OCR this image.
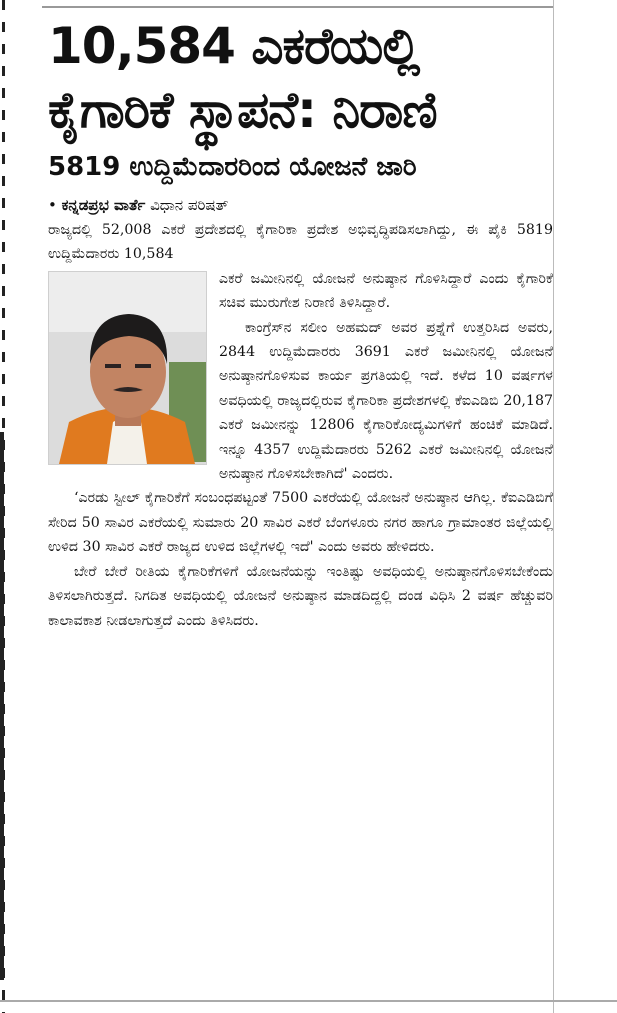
10,584 ಎಕರೆಯಲ್ಲಿ
ಕೈಗಾರಿಕೆ ಸ್ಥಾಪನೆ: ನಿರಾಣಿ
5819 ಉದ್ದಿಮೆದಾರರಿಂದ ಯೋಜನೆ ಜಾರಿ
• ಕನ್ನಡಪ್ರಭ ವಾರ್ತೆ ವಿಧಾನ ಪರಿಷತ್

ರಾಜ್ಯದಲ್ಲಿ 52,008 ಎಕರೆ ಪ್ರದೇಶದಲ್ಲಿ ಕೈಗಾರಿಕಾ ಪ್ರದೇಶ ಅಭಿವೃದ್ಧಿಪಡಿಸಲಾಗಿದ್ದು, ಈ ಪೈಕಿ 5819 ಉದ್ದಿಮೆದಾರರು 10,584

ಎಕರೆ ಜಮೀನಿನಲ್ಲಿ ಯೋಜನೆ ಅನುಷ್ಠಾನ ಗೊಳಿಸಿದ್ದಾರೆ ಎಂದು ಕೈಗಾರಿಕೆ ಸಚಿವ ಮುರುಗೇಶ ನಿರಾಣಿ ತಿಳಿಸಿದ್ದಾರೆ.

ಕಾಂಗ್ರೆಸ್‌ನ ಸಲೀಂ ಅಹಮದ್ ಅವರ ಪ್ರಶ್ನೆಗೆ ಉತ್ತರಿಸಿದ ಅವರು, 2844 ಉದ್ದಿಮೆದಾರರು 3691 ಎಕರೆ ಜಮೀನಿನಲ್ಲಿ ಯೋಜನೆ ಅನುಷ್ಠಾನಗೊಳಿಸುವ ಕಾರ್ಯ ಪ್ರಗತಿಯಲ್ಲಿ ಇದೆ. ಕಳೆದ 10 ವರ್ಷಗಳ ಅವಧಿಯಲ್ಲಿ ರಾಜ್ಯದಲ್ಲಿರುವ ಕೈಗಾರಿಕಾ ಪ್ರದೇಶಗಳಲ್ಲಿ ಕೆಐಎಡಿಬಿ 20,187 ಎಕರೆ ಜಮೀನನ್ನು 12806 ಕೈಗಾರಿಕೋದ್ಯಮಿಗಳಿಗೆ ಹಂಚಿಕೆ ಮಾಡಿದೆ. ಇನ್ನೂ 4357 ಉದ್ದಿಮೆದಾರರು 5262 ಎಕರೆ ಜಮೀನಿನಲ್ಲಿ ಯೋಜನೆ ಅನುಷ್ಠಾನ ಗೊಳಿಸಬೇಕಾಗಿದೆ' ಎಂದರು.

‘ಎರಡು ಸ್ಟೀಲ್ ಕೈಗಾರಿಕೆಗೆ ಸಂಬಂಧಪಟ್ಟಂತೆ 7500 ಎಕರೆಯಲ್ಲಿ ಯೋಜನೆ ಅನುಷ್ಠಾನ ಆಗಿಲ್ಲ. ಕೆಐಎಡಿಬಿಗೆ ಸೇರಿದ 50 ಸಾವಿರ ಎಕರೆಯಲ್ಲಿ ಸುಮಾರು 20 ಸಾವಿರ ಎಕರೆ ಬೆಂಗಳೂರು ನಗರ ಹಾಗೂ ಗ್ರಾಮಾಂತರ ಜಿಲ್ಲೆಯಲ್ಲಿ ಉಳಿದ 30 ಸಾವಿರ ಎಕರೆ ರಾಜ್ಯದ ಉಳಿದ ಜಿಲ್ಲೆಗಳಲ್ಲಿ ಇದೆ' ಎಂದು ಅವರು ಹೇಳಿದರು.

ಬೇರೆ ಬೇರೆ ರೀತಿಯ ಕೈಗಾರಿಕೆಗಳಿಗೆ ಯೋಜನೆಯನ್ನು ಇಂತಿಷ್ಟು ಅವಧಿಯಲ್ಲಿ ಅನುಷ್ಠಾನಗೊಳಿಸಬೇಕೆಂದು ತಿಳಿಸಲಾಗಿರುತ್ತದೆ. ನಿಗದಿತ ಅವಧಿಯಲ್ಲಿ ಯೋಜನೆ ಅನುಷ್ಠಾನ ಮಾಡದಿದ್ದಲ್ಲಿ ದಂಡ ವಿಧಿಸಿ 2 ವರ್ಷ ಹೆಚ್ಚುವರಿ ಕಾಲಾವಕಾಶ ನೀಡಲಾಗುತ್ತದೆ ಎಂದು ತಿಳಿಸಿದರು.
